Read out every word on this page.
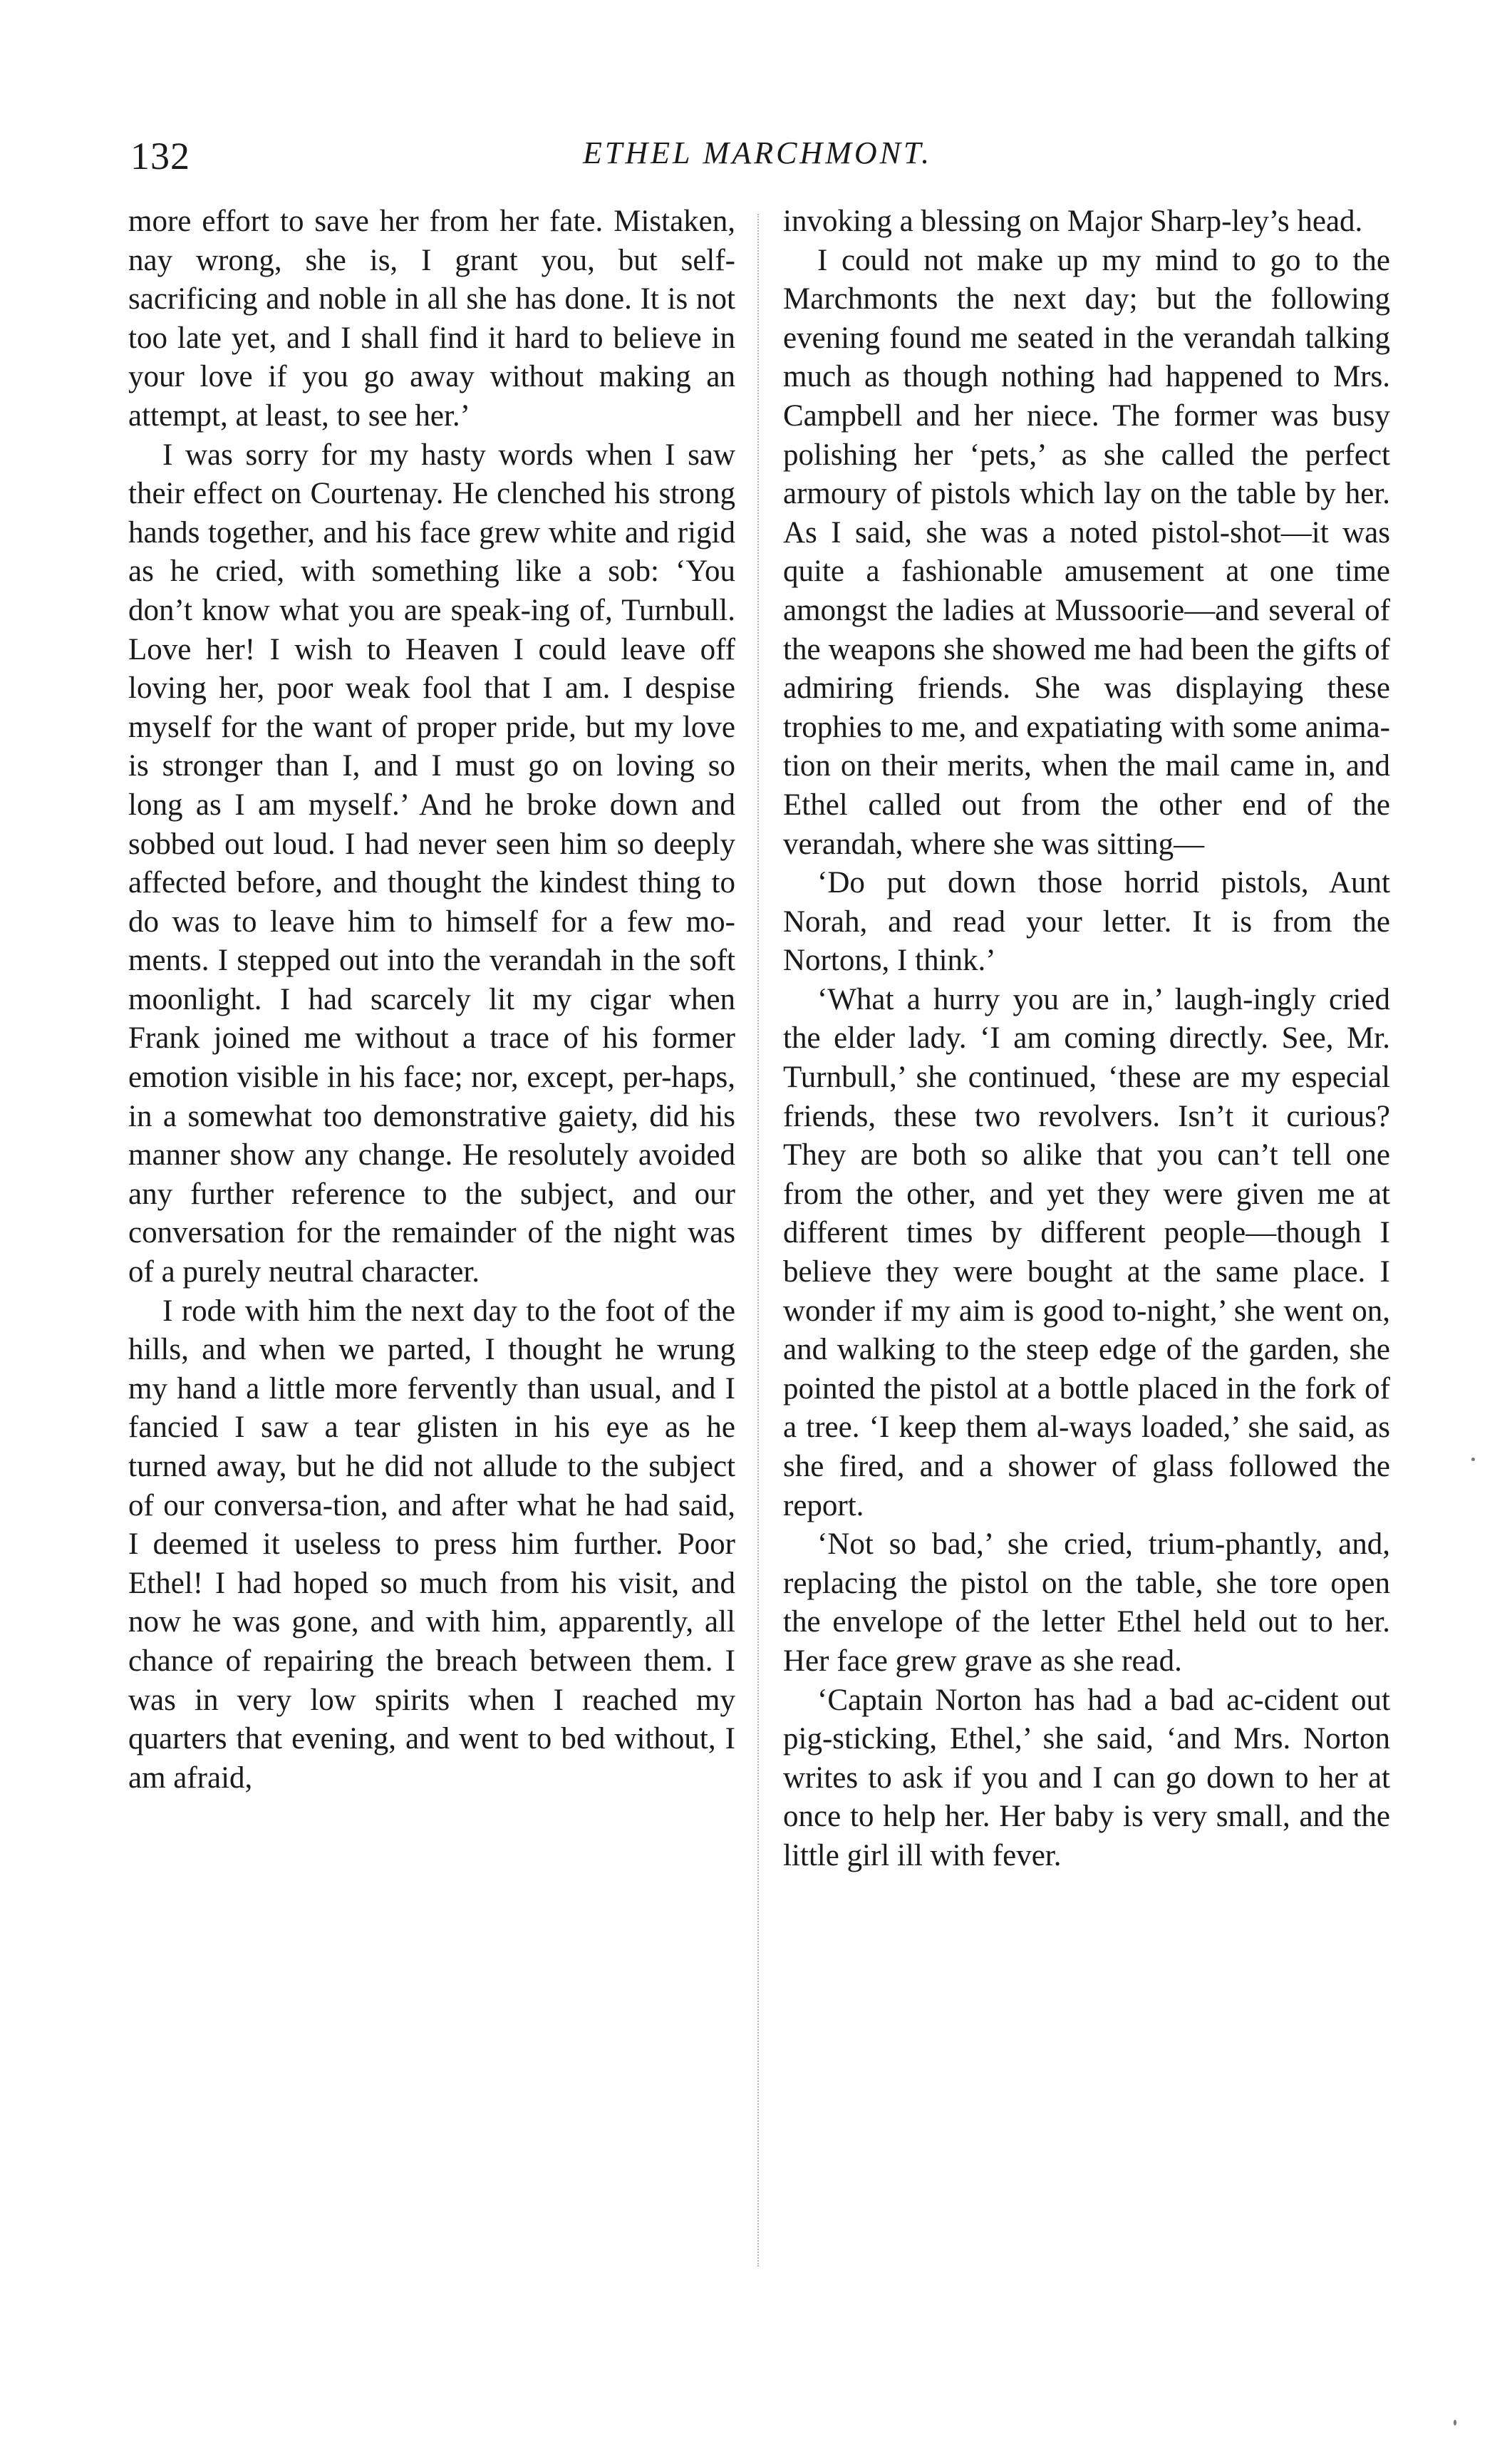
132	ETHEL MARCHMONT.

more effort to save her from her fate. Mistaken, nay wrong, she is, I grant you, but self-sacrificing and noble in all she has done. It is not too late yet, and I shall find it hard to believe in your love if you go away without making an attempt, at least, to see her.’

I was sorry for my hasty words when I saw their effect on Courtenay. He clenched his strong hands together, and his face grew white and rigid as he cried, with something like a sob: ‘You don’t know what you are speak-ing of, Turnbull. Love her! I wish to Heaven I could leave off loving her, poor weak fool that I am. I despise myself for the want of proper pride, but my love is stronger than I, and I must go on loving so long as I am myself.’ And he broke down and sobbed out loud. I had never seen him so deeply affected before, and thought the kindest thing to do was to leave him to himself for a few mo-ments. I stepped out into the verandah in the soft moonlight. I had scarcely lit my cigar when Frank joined me without a trace of his former emotion visible in his face; nor, except, per-haps, in a somewhat too demonstrative gaiety, did his manner show any change. He resolutely avoided any further reference to the subject, and our conversation for the remainder of the night was of a purely neutral character.

I rode with him the next day to the foot of the hills, and when we parted, I thought he wrung my hand a little more fervently than usual, and I fancied I saw a tear glisten in his eye as he turned away, but he did not allude to the subject of our conversa-tion, and after what he had said, I deemed it useless to press him further. Poor Ethel! I had hoped so much from his visit, and now he was gone, and with him, apparently, all chance of repairing the breach between them. I was in very low spirits when I reached my quarters that evening, and went to bed without, I am afraid,

invoking a blessing on Major Sharp-ley’s head.

I could not make up my mind to go to the Marchmonts the next day; but the following evening found me seated in the verandah talking much as though nothing had happened to Mrs. Campbell and her niece. The former was busy polishing her ‘pets,’ as she called the perfect armoury of pistols which lay on the table by her. As I said, she was a noted pistol-shot—it was quite a fashionable amusement at one time amongst the ladies at Mussoorie—and several of the weapons she showed me had been the gifts of admiring friends. She was displaying these trophies to me, and expatiating with some anima-tion on their merits, when the mail came in, and Ethel called out from the other end of the verandah, where she was sitting—

‘Do put down those horrid pistols, Aunt Norah, and read your letter. It is from the Nortons, I think.’

‘What a hurry you are in,’ laugh-ingly cried the elder lady. ‘I am coming directly. See, Mr. Turnbull,’ she continued, ‘these are my especial friends, these two revolvers. Isn’t it curious? They are both so alike that you can’t tell one from the other, and yet they were given me at different times by different people—though I believe they were bought at the same place. I wonder if my aim is good to-night,’ she went on, and walking to the steep edge of the garden, she pointed the pistol at a bottle placed in the fork of a tree. ‘I keep them al-ways loaded,’ she said, as she fired, and a shower of glass followed the report.

‘Not so bad,’ she cried, trium-phantly, and, replacing the pistol on the table, she tore open the envelope of the letter Ethel held out to her. Her face grew grave as she read.

‘Captain Norton has had a bad ac-cident out pig-sticking, Ethel,’ she said, ‘and Mrs. Norton writes to ask if you and I can go down to her at once to help her. Her baby is very small, and the little girl ill with fever.
